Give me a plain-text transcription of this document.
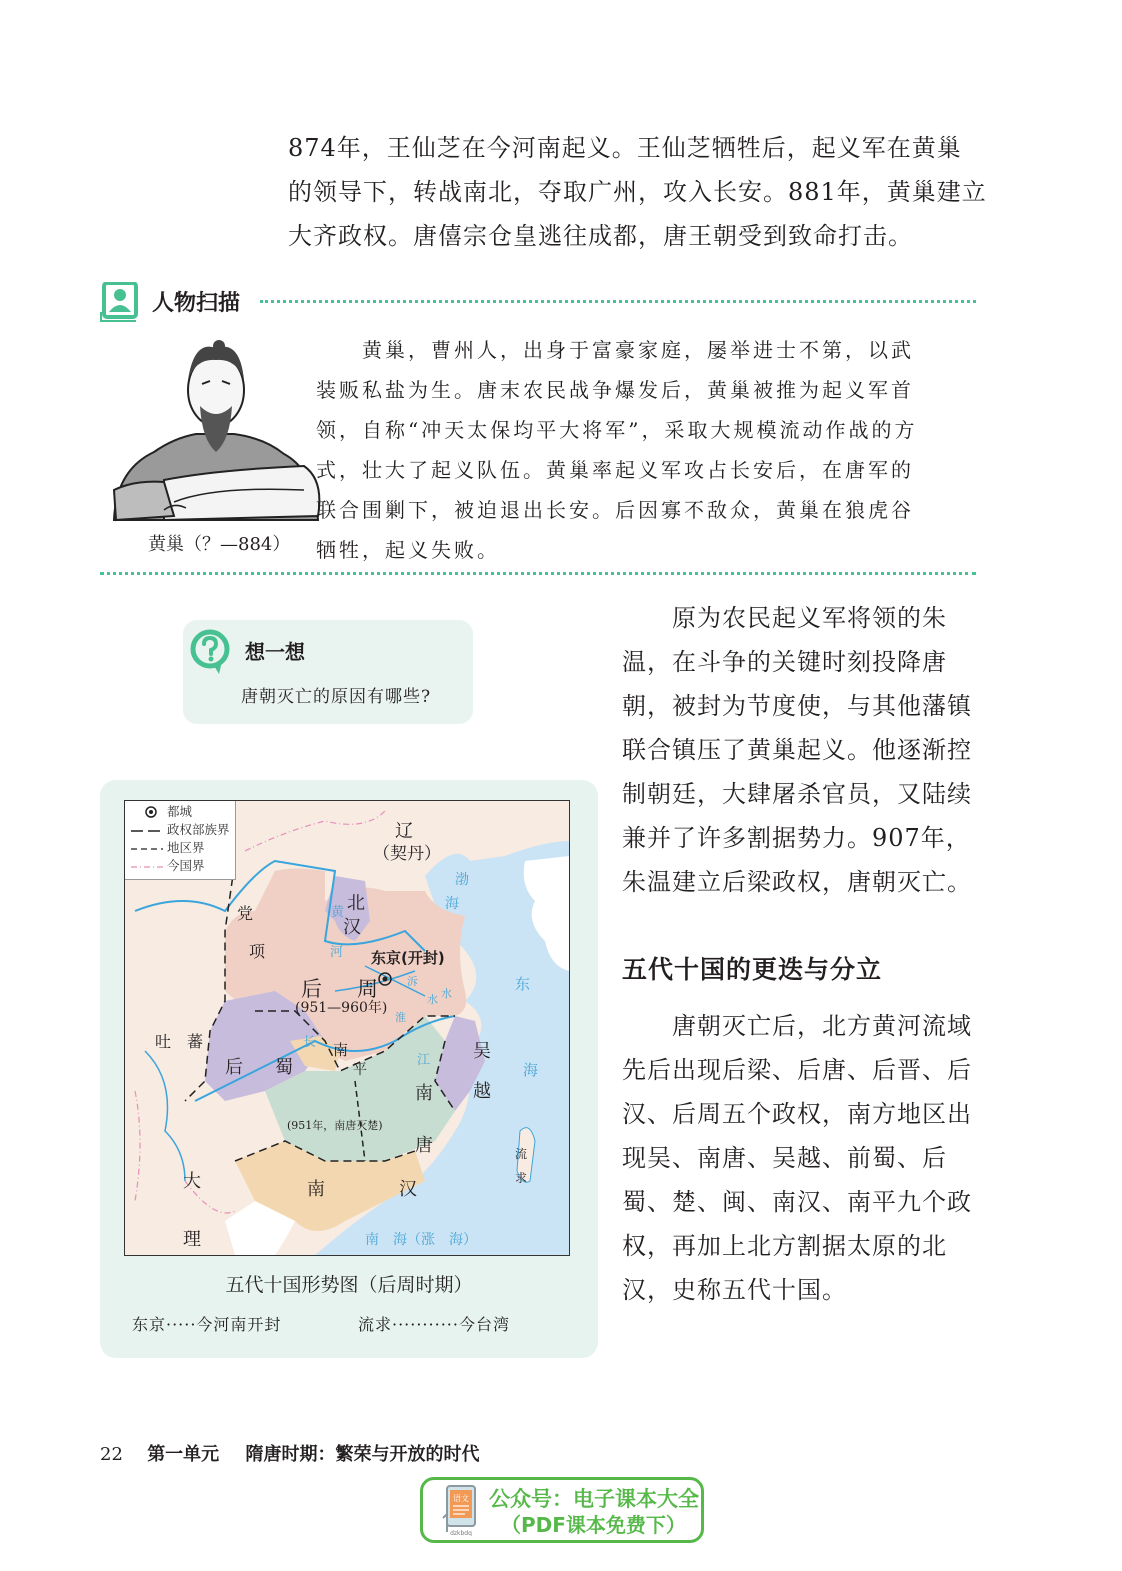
874年，王仙芝在今河南起义。王仙芝牺牲后，起义军在黄巢
的领导下，转战南北，夺取广州，攻入长安。881年，黄巢建立
大齐政权。唐僖宗仓皇逃往成都，唐王朝受到致命打击。
人物扫描
黄巢（？—884）
　　黄巢，曹州人，出身于富豪家庭，屡举进士不第，以武
装贩私盐为生。唐末农民战争爆发后，黄巢被推为起义军首
领，自称“冲天太保均平大将军”，采取大规模流动作战的方
式，壮大了起义队伍。黄巢率起义军攻占长安后，在唐军的
联合围剿下，被迫退出长安。后因寡不敌众，黄巢在狼虎谷
牺牲，起义失败。
想一想
唐朝灭亡的原因有哪些?
　　原为农民起义军将领的朱
温，在斗争的关键时刻投降唐
朝，被封为节度使，与其他藩镇
联合镇压了黄巢起义。他逐渐控
制朝廷，大肆屠杀官员，又陆续
兼并了许多割据势力。907年，
朱温建立后梁政权，唐朝灭亡。
五代十国的更迭与分立
　　唐朝灭亡后，北方黄河流域
先后出现后梁、后唐、后晋、后
汉、后周五个政权，南方地区出
现吴、南唐、吴越、前蜀、后
蜀、楚、闽、南汉、南平九个政
权，再加上北方割据太原的北
汉，史称五代十国。
都城
政权部族界
地区界
今国界
辽
（契丹）
北
汉
党
项
后 周
(951—960年)
东京(开封)
吐　蕃
后 蜀
南
平
吴
越
南
唐
(951年，南唐灭楚)
大
理
南	汉
流
求
渤
海
黄
河
泝
水
淮
水
长
江
东
海
南　海（涨　海）
五代十国形势图（后周时期）
东京·····今河南开封	流求···········今台湾
22 第一单元 隋唐时期：繁荣与开放的时代
语文
dzkbdq
公众号：电子课本大全
（PDF课本免费下）
